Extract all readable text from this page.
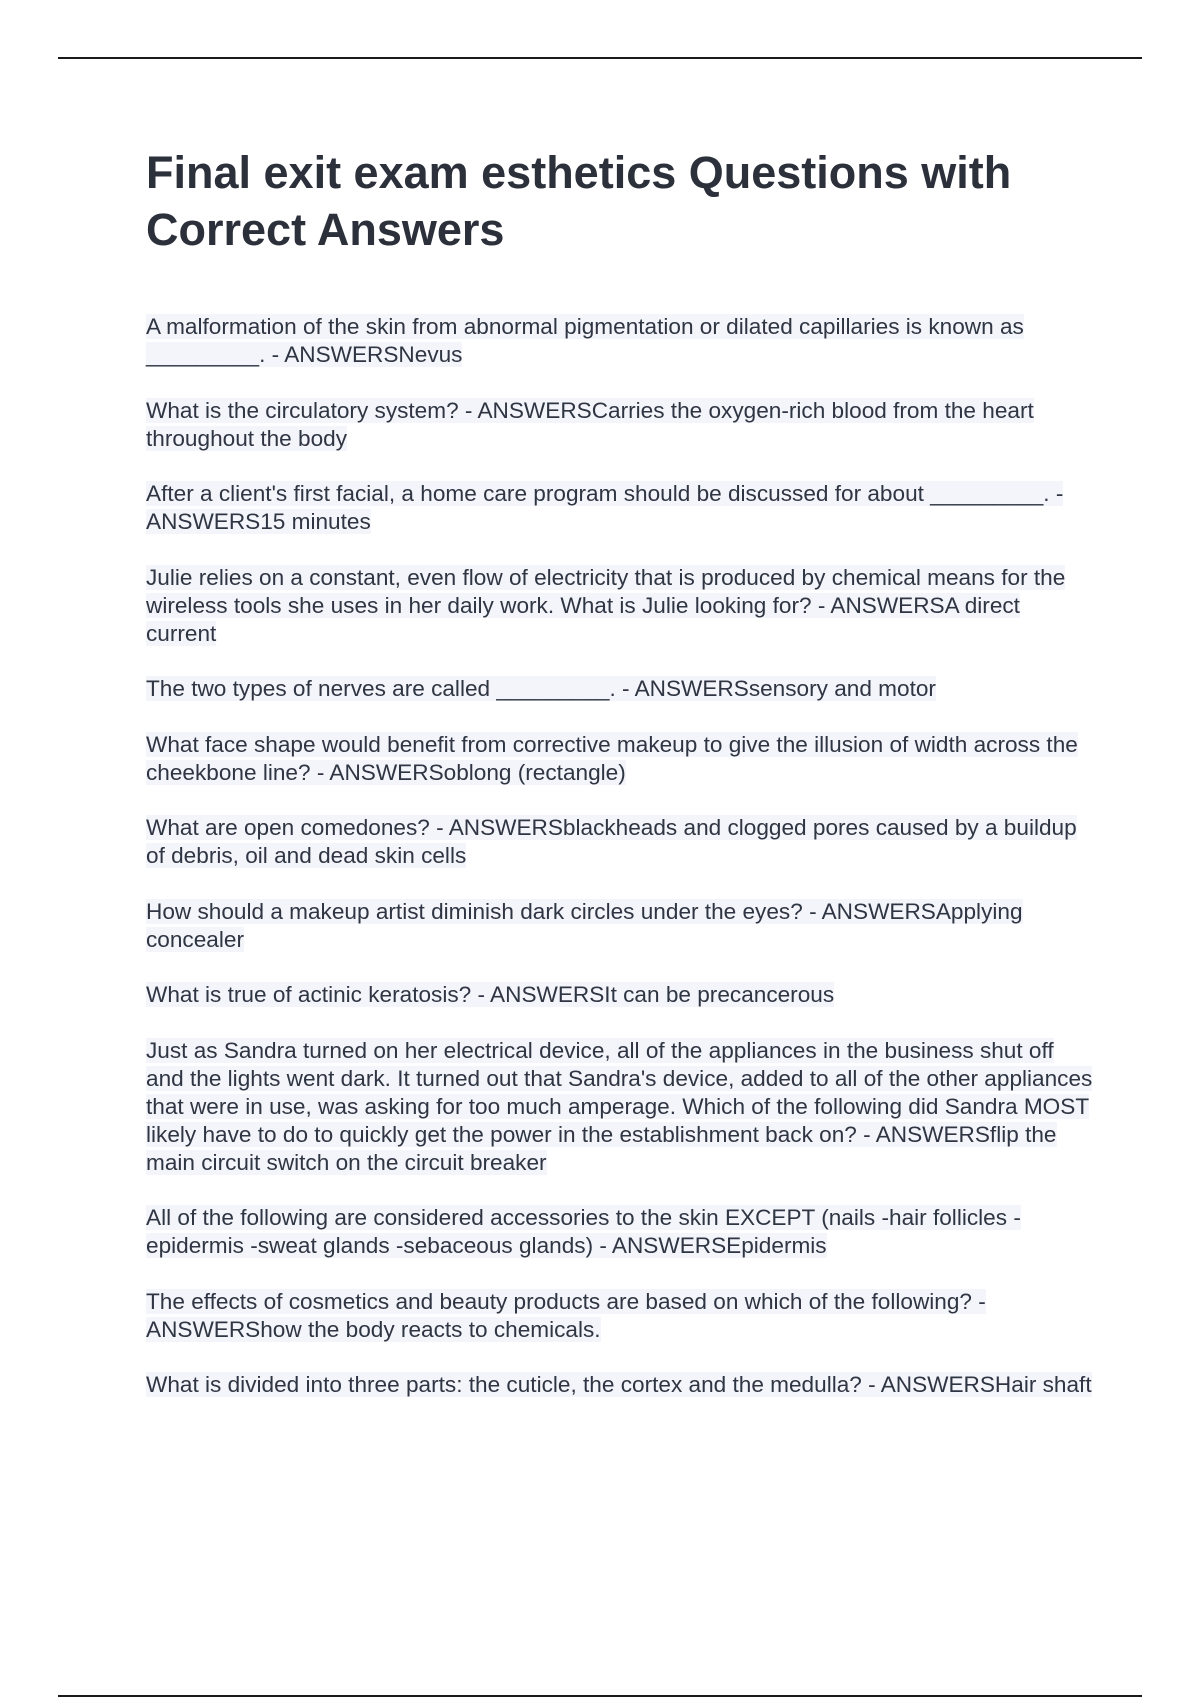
Final exit exam esthetics Questions with Correct Answers
A malformation of the skin from abnormal pigmentation or dilated capillaries is known as _________. - ANSWERSNevus
What is the circulatory system? - ANSWERSCarries the oxygen-rich blood from the heart throughout the body
After a client's first facial, a home care program should be discussed for about _________. - ANSWERS15 minutes
Julie relies on a constant, even flow of electricity that is produced by chemical means for the wireless tools she uses in her daily work. What is Julie looking for? - ANSWERSA direct current
The two types of nerves are called _________. - ANSWERSsensory and motor
What face shape would benefit from corrective makeup to give the illusion of width across the cheekbone line? - ANSWERSoblong (rectangle)
What are open comedones? - ANSWERSblackheads and clogged pores caused by a buildup of debris, oil and dead skin cells
How should a makeup artist diminish dark circles under the eyes? - ANSWERSApplying concealer
What is true of actinic keratosis? - ANSWERSIt can be precancerous
Just as Sandra turned on her electrical device, all of the appliances in the business shut off and the lights went dark. It turned out that Sandra's device, added to all of the other appliances that were in use, was asking for too much amperage. Which of the following did Sandra MOST likely have to do to quickly get the power in the establishment back on? - ANSWERSflip the main circuit switch on the circuit breaker
All of the following are considered accessories to the skin EXCEPT (nails -hair follicles -epidermis -sweat glands -sebaceous glands) - ANSWERSEpidermis
The effects of cosmetics and beauty products are based on which of the following? - ANSWERShow the body reacts to chemicals.
What is divided into three parts: the cuticle, the cortex and the medulla? - ANSWERSHair shaft
